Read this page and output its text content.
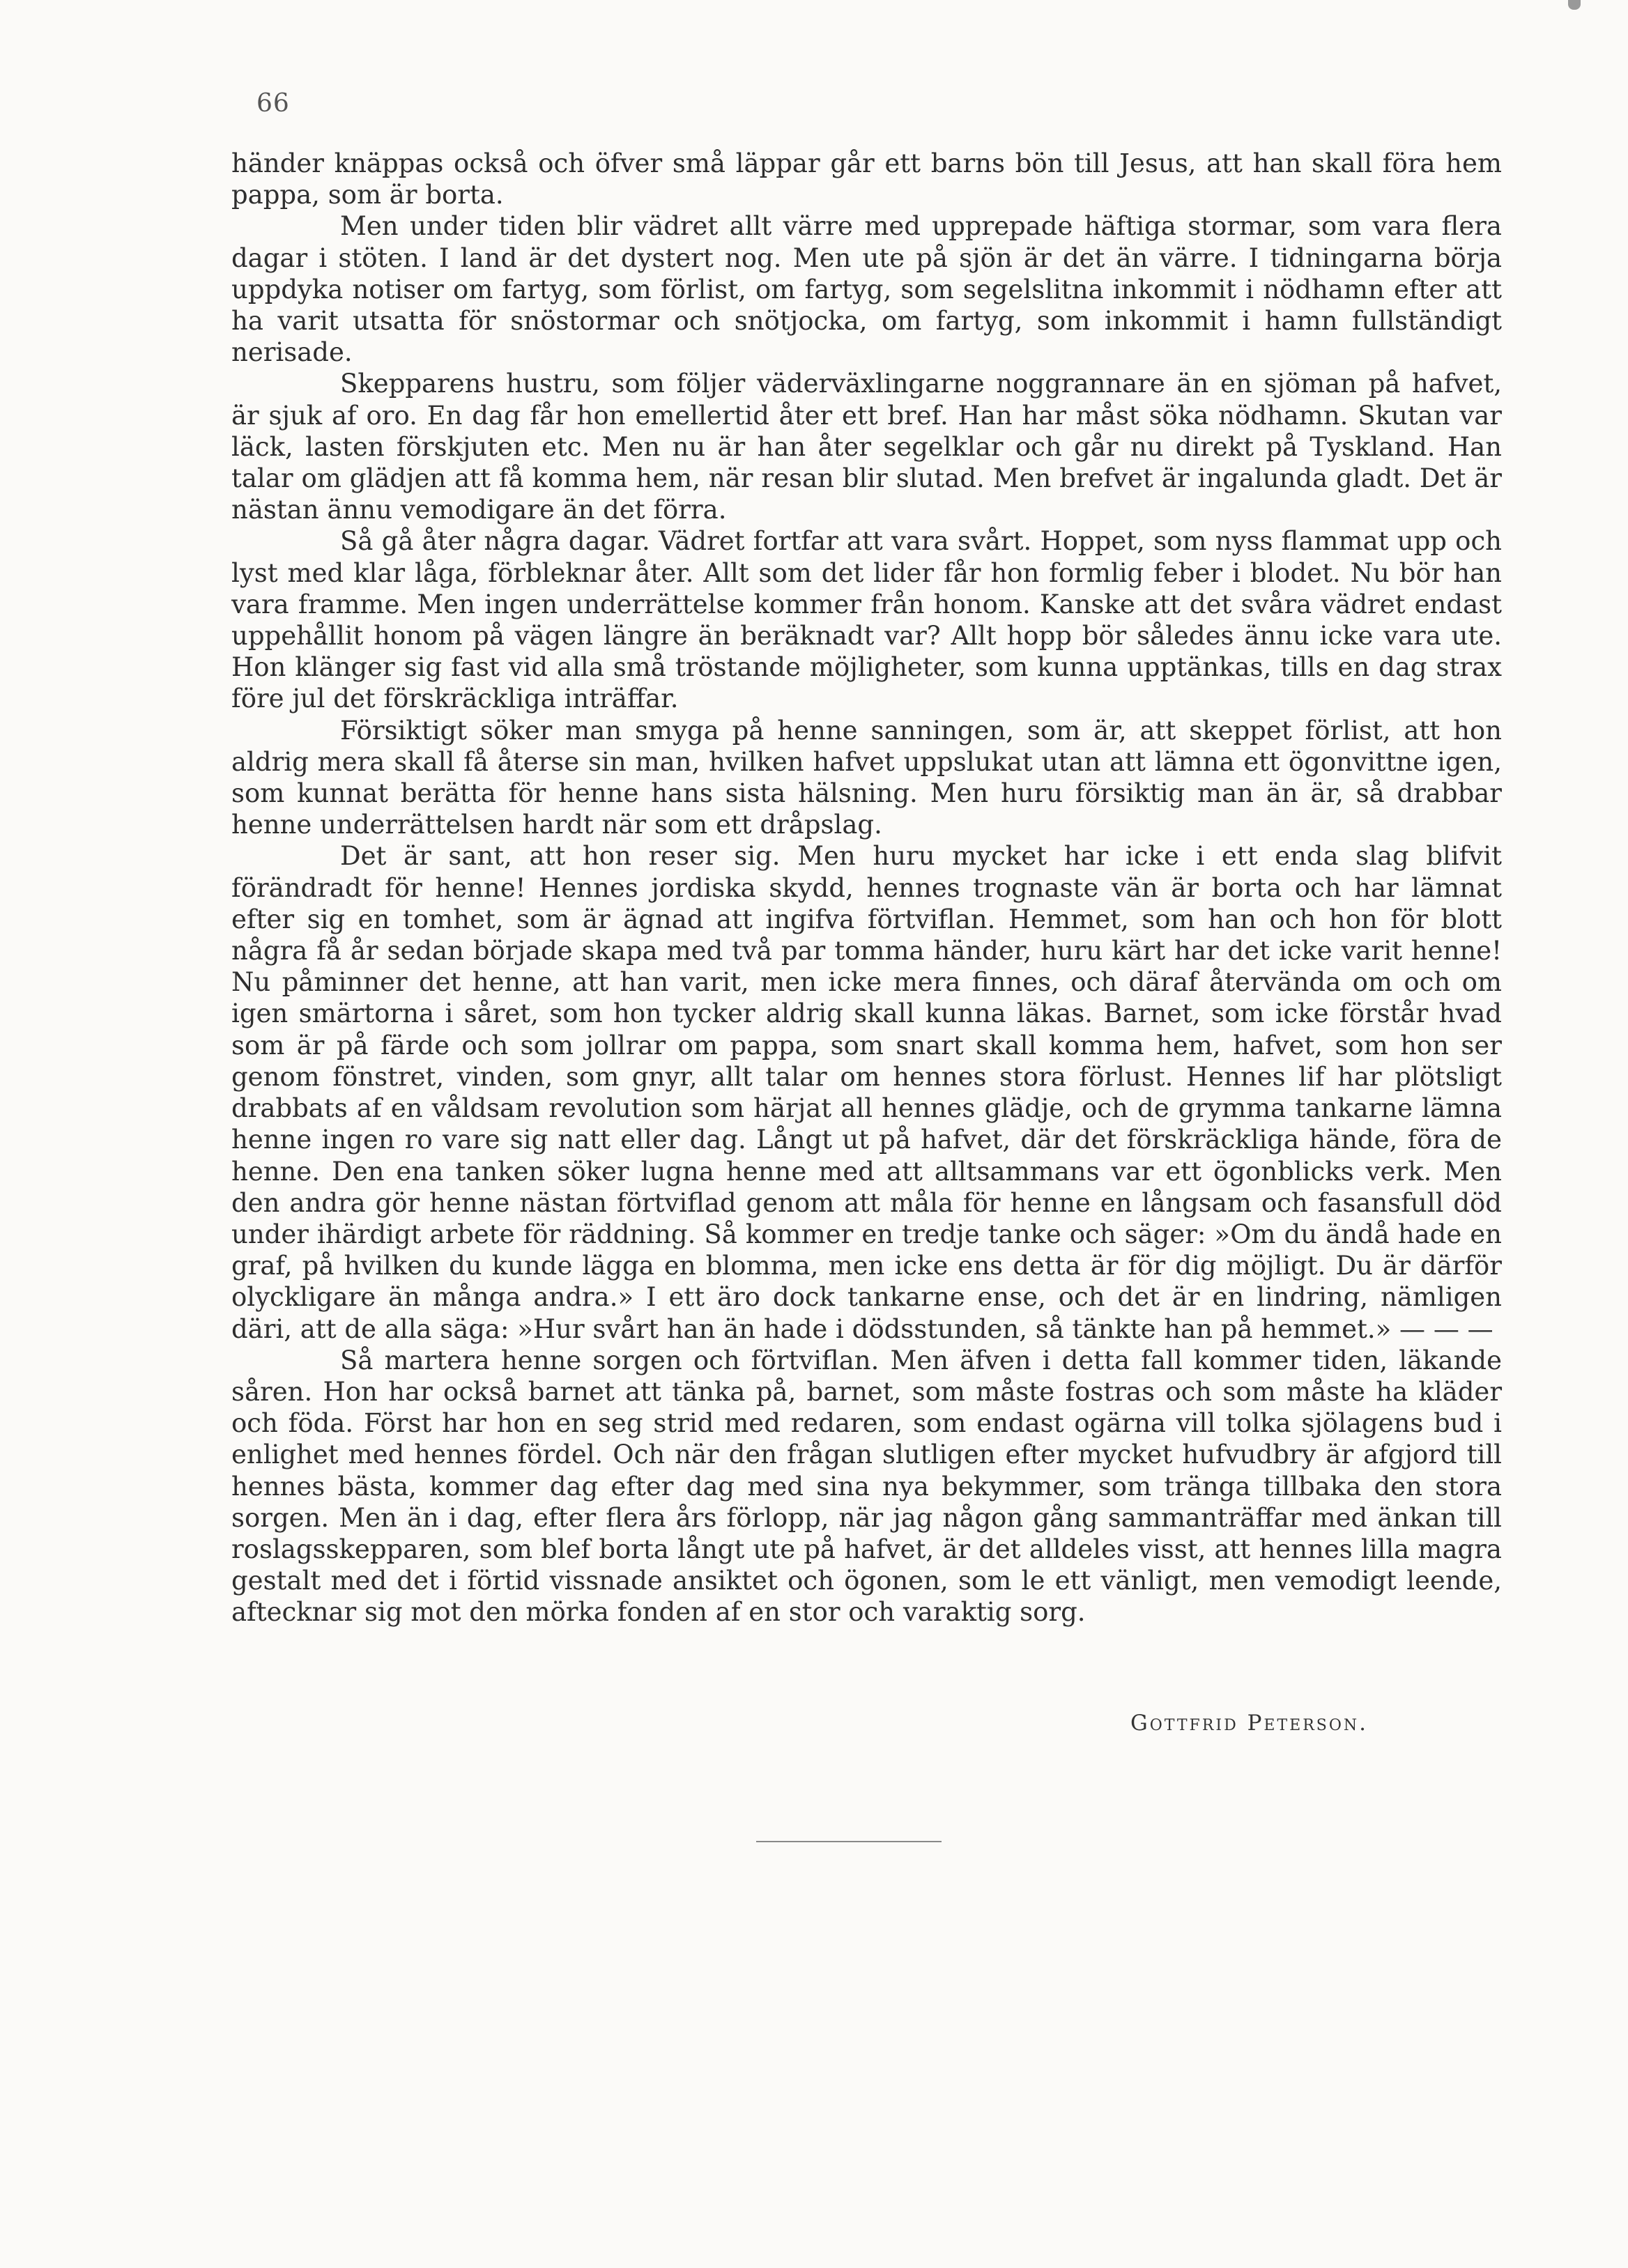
66

händer knäppas också och öfver små läppar går ett barns bön till Jesus, att han skall föra hem pappa, som är borta.

Men under tiden blir vädret allt värre med upprepade häftiga stormar, som vara flera dagar i stöten. I land är det dystert nog. Men ute på sjön är det än värre. I tidningarna börja uppdyka notiser om fartyg, som förlist, om fartyg, som segelslitna inkommit i nödhamn efter att ha varit utsatta för snöstormar och snötjocka, om fartyg, som inkommit i hamn fullständigt nerisade.

Skepparens hustru, som följer väderväxlingarne noggrannare än en sjöman på hafvet, är sjuk af oro. En dag får hon emellertid åter ett bref. Han har måst söka nödhamn. Skutan var läck, lasten förskjuten etc. Men nu är han åter segelklar och går nu direkt på Tyskland. Han talar om glädjen att få komma hem, när resan blir slutad. Men brefvet är ingalunda gladt. Det är nästan ännu vemodigare än det förra.

Så gå åter några dagar. Vädret fortfar att vara svårt. Hoppet, som nyss flammat upp och lyst med klar låga, förbleknar åter. Allt som det lider får hon formlig feber i blodet. Nu bör han vara framme. Men ingen underrättelse kommer från honom. Kanske att det svåra vädret endast uppehållit honom på vägen längre än beräknadt var? Allt hopp bör således ännu icke vara ute. Hon klänger sig fast vid alla små tröstande möjligheter, som kunna upptänkas, tills en dag strax före jul det förskräckliga inträffar.

Försiktigt söker man smyga på henne sanningen, som är, att skeppet förlist, att hon aldrig mera skall få återse sin man, hvilken hafvet uppslukat utan att lämna ett ögonvittne igen, som kunnat berätta för henne hans sista hälsning. Men huru försiktig man än är, så drabbar henne underrättelsen hardt när som ett dråpslag.

Det är sant, att hon reser sig. Men huru mycket har icke i ett enda slag blifvit förändradt för henne! Hennes jordiska skydd, hennes trognaste vän är borta och har lämnat efter sig en tomhet, som är ägnad att ingifva förtviflan. Hemmet, som han och hon för blott några få år sedan började skapa med två par tomma händer, huru kärt har det icke varit henne! Nu påminner det henne, att han varit, men icke mera finnes, och däraf återvända om och om igen smärtorna i såret, som hon tycker aldrig skall kunna läkas. Barnet, som icke förstår hvad som är på färde och som jollrar om pappa, som snart skall komma hem, hafvet, som hon ser genom fönstret, vinden, som gnyr, allt talar om hennes stora förlust. Hennes lif har plötsligt drabbats af en våldsam revolution som härjat all hennes glädje, och de grymma tankarne lämna henne ingen ro vare sig natt eller dag. Långt ut på hafvet, där det förskräckliga hände, föra de henne. Den ena tanken söker lugna henne med att alltsammans var ett ögonblicks verk. Men den andra gör henne nästan förtviflad genom att måla för henne en långsam och fasansfull död under ihärdigt arbete för räddning. Så kommer en tredje tanke och säger: »Om du ändå hade en graf, på hvilken du kunde lägga en blomma, men icke ens detta är för dig möjligt. Du är därför olyckligare än många andra.» I ett äro dock tankarne ense, och det är en lindring, nämligen däri, att de alla säga: »Hur svårt han än hade i dödsstunden, så tänkte han på hemmet.» — — —

Så martera henne sorgen och förtviflan. Men äfven i detta fall kommer tiden, läkande såren. Hon har också barnet att tänka på, barnet, som måste fostras och som måste ha kläder och föda. Först har hon en seg strid med redaren, som endast ogärna vill tolka sjölagens bud i enlighet med hennes fördel. Och när den frågan slutligen efter mycket hufvudbry är afgjord till hennes bästa, kommer dag efter dag med sina nya bekymmer, som tränga tillbaka den stora sorgen. Men än i dag, efter flera års förlopp, när jag någon gång sammanträffar med änkan till roslagsskepparen, som blef borta långt ute på hafvet, är det alldeles visst, att hennes lilla magra gestalt med det i förtid vissnade ansiktet och ögonen, som le ett vänligt, men vemodigt leende, aftecknar sig mot den mörka fonden af en stor och varaktig sorg.

Gottfrid Peterson.
